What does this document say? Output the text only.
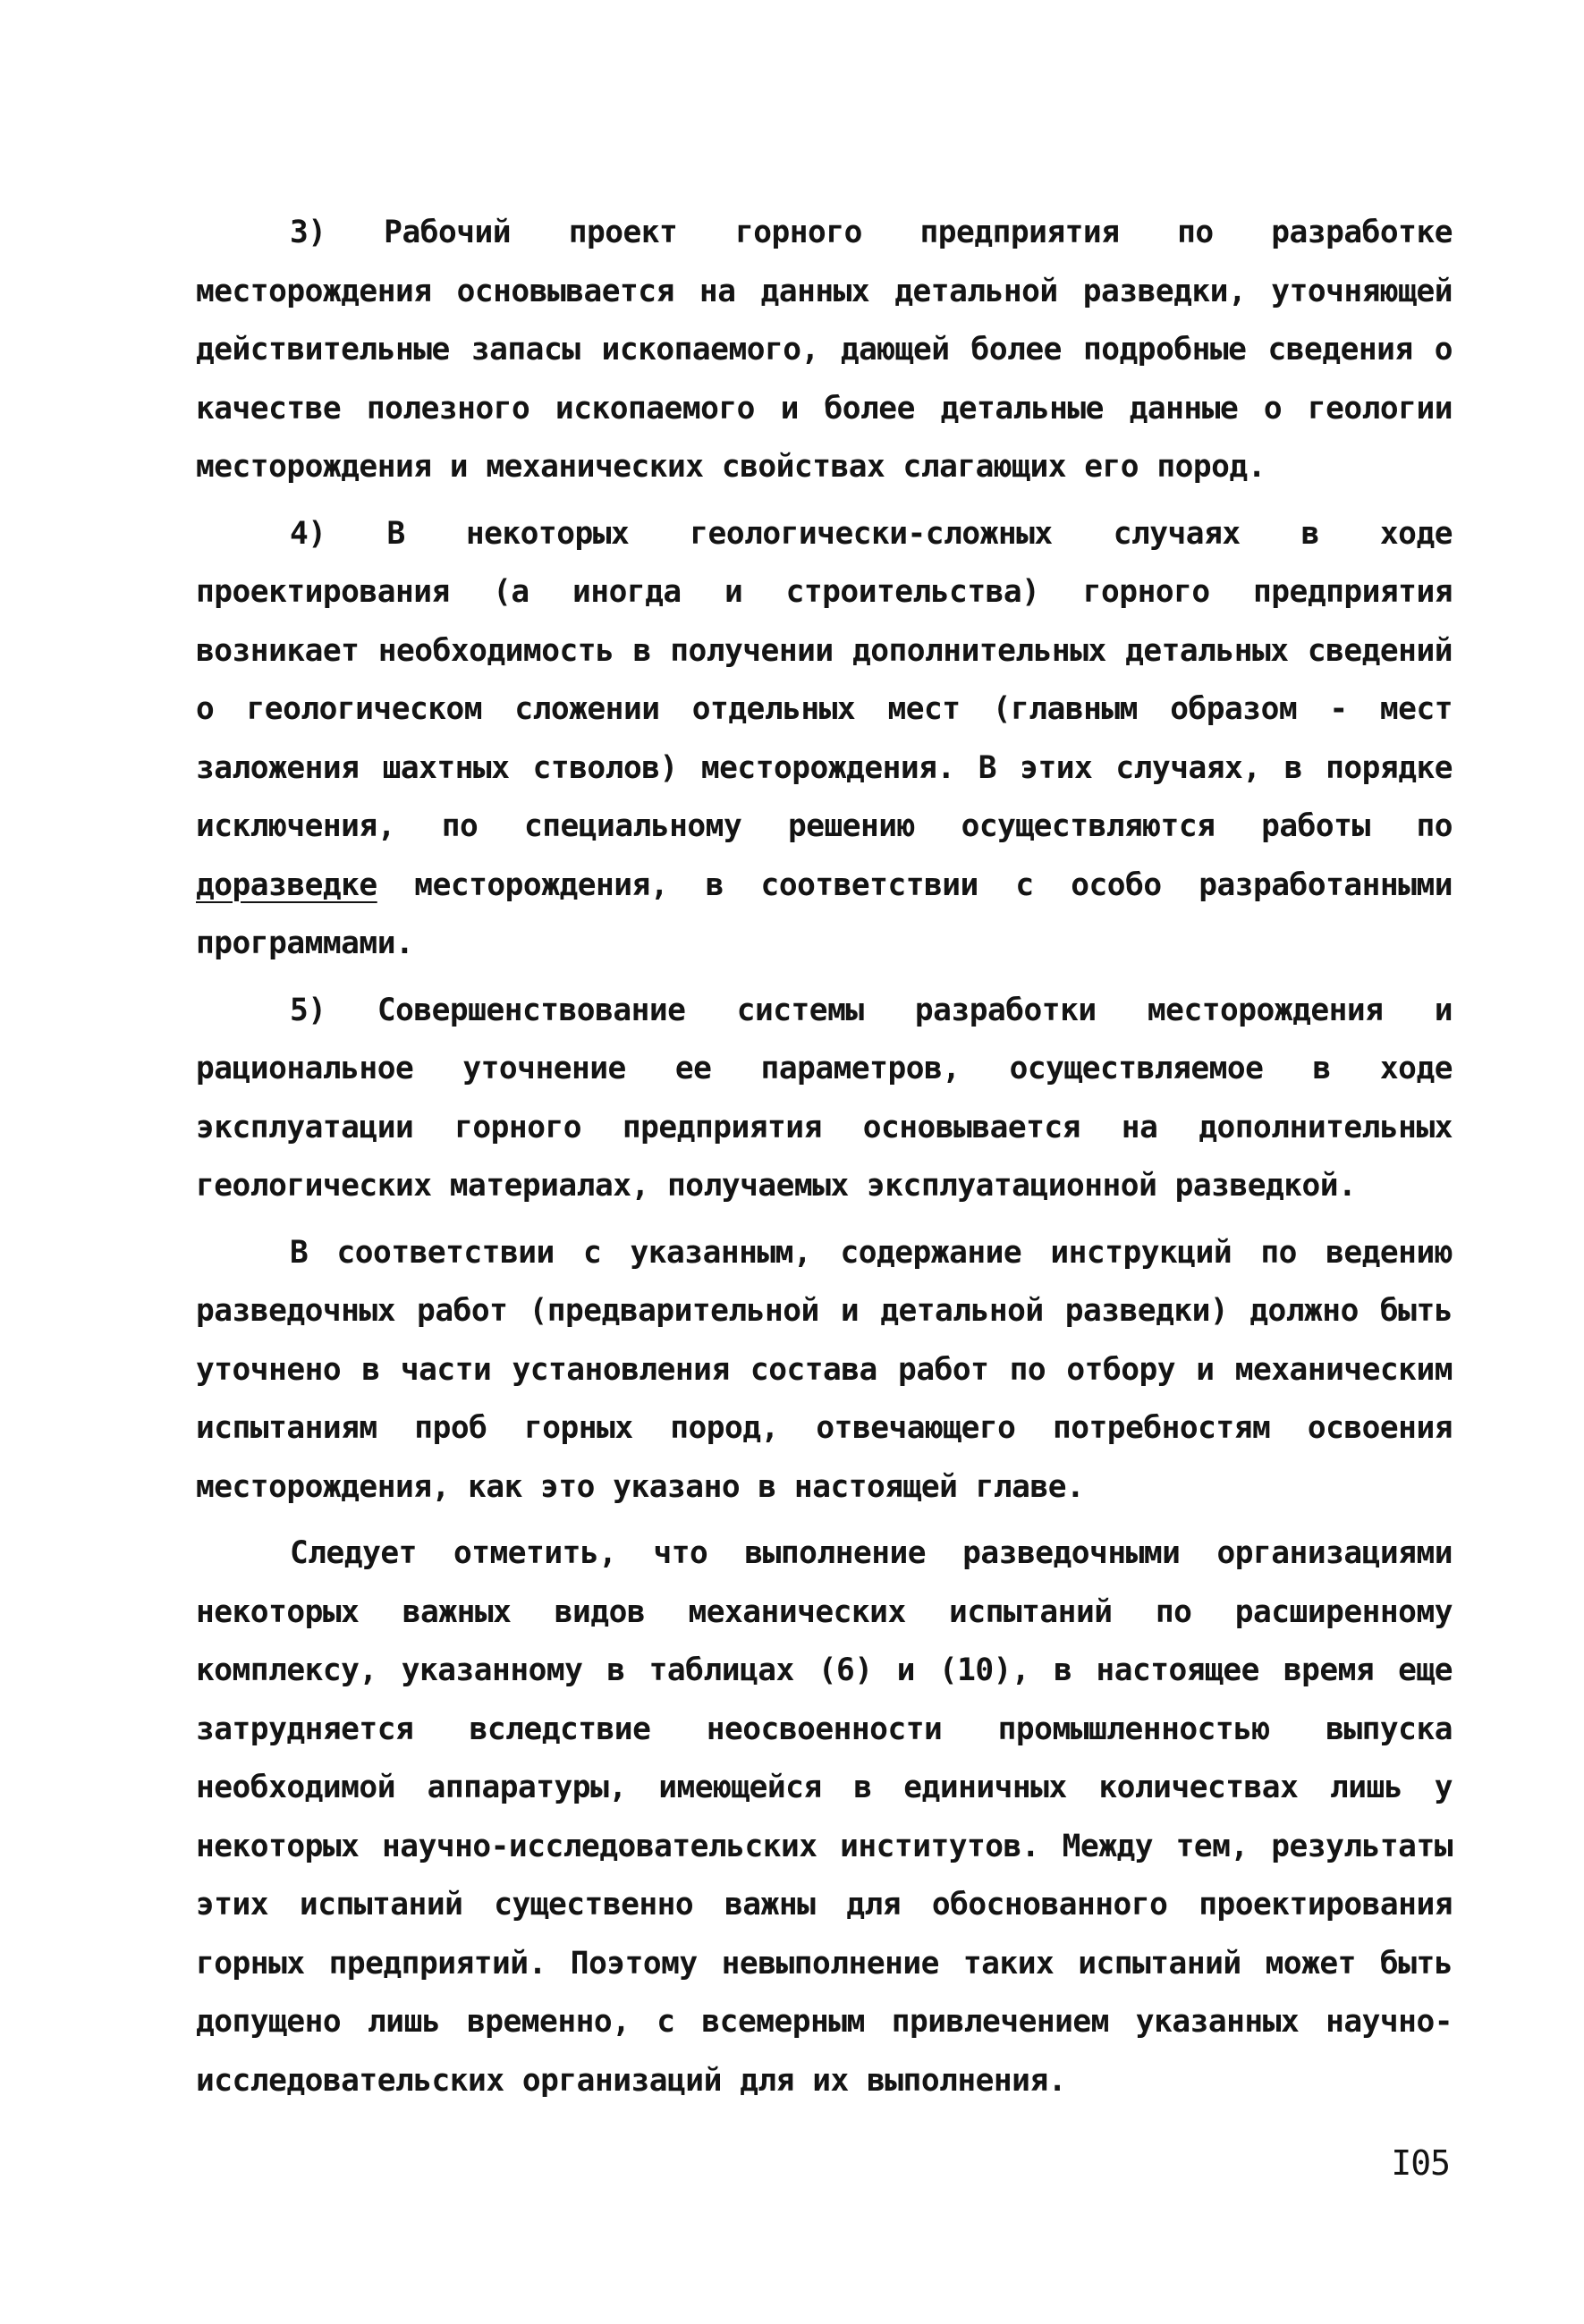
3) Рабочий проект горного предприятия по разработке месторождения основывается на данных детальной разведки, уточняющей действительные запасы ископаемого, дающей более подробные сведения о качестве полезного ископаемого и более детальные данные о геологии месторождения и механических свойствах слагающих его пород.

4) В некоторых геологически-сложных случаях в ходе проектирования (а иногда и строительства) горного предприятия возникает необходимость в получении дополнительных детальных сведений о геологическом сложении отдельных мест (главным образом - мест заложения шахтных стволов) месторождения. В этих случаях, в порядке исключения, по специальному решению осуществляются работы по доразведке месторождения, в соответствии с особо разработанными программами.

5) Совершенствование системы разработки месторождения и рациональное уточнение ее параметров, осуществляемое в ходе эксплуатации горного предприятия основывается на дополнительных геологических материалах, получаемых эксплуатационной разведкой.

В соответствии с указанным, содержание инструкций по ведению разведочных работ (предварительной и детальной разведки) должно быть уточнено в части установления состава работ по отбору и механическим испытаниям проб горных пород, отвечающего потребностям освоения месторождения, как это указано в настоящей главе.

Следует отметить, что выполнение разведочными организациями некоторых важных видов механических испытаний по расширенному комплексу, указанному в таблицах (6) и (10), в настоящее время еще затрудняется вследствие неосвоенности промышленностью выпуска необходимой аппаратуры, имеющейся в единичных количествах лишь у некоторых научно-исследовательских институтов. Между тем, результаты этих испытаний существенно важны для обоснованного проектирования горных предприятий. Поэтому невыполнение таких испытаний может быть допущено лишь временно, с всемерным привлечением указанных научно-исследовательских организаций для их выполнения.

I05
